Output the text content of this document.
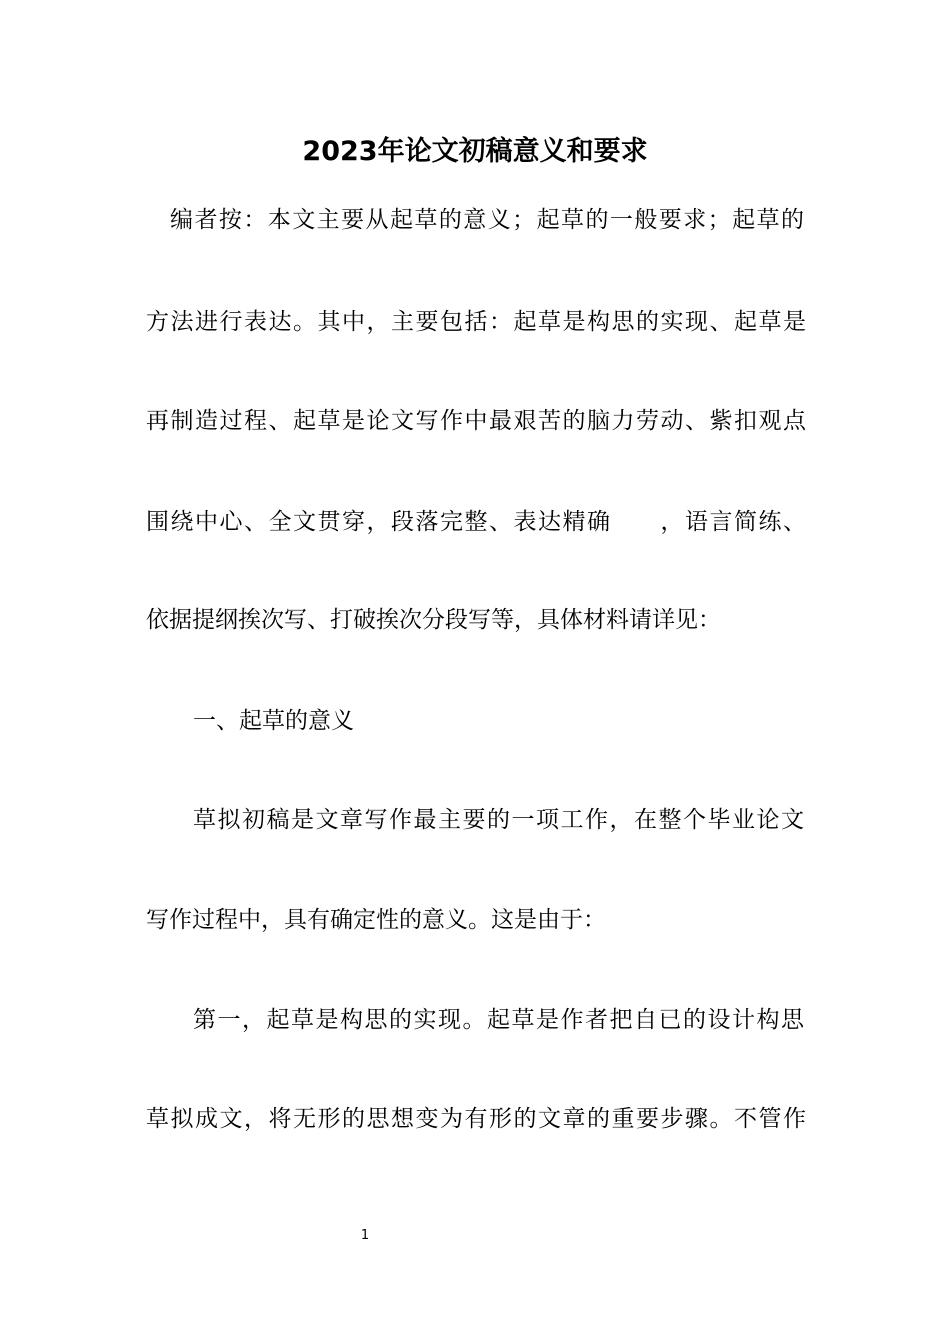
2023年论文初稿意义和要求
编者按：本文主要从起草的意义；起草的一般要求；起草的
方法进行表达。其中，主要包括：起草是构思的实现、起草是
再制造过程、起草是论文写作中最艰苦的脑力劳动、紫扣观点
围绕中心、全文贯穿，段落完整、表达精确　　，语言简练、
依据提纲挨次写、打破挨次分段写等，具体材料请详见：
一、起草的意义
草拟初稿是文章写作最主要的一项工作，在整个毕业论文
写作过程中，具有确定性的意义。这是由于：
第一，起草是构思的实现。起草是作者把自已的设计构思
草拟成文，将无形的思想变为有形的文章的重要步骤。不管作
1
